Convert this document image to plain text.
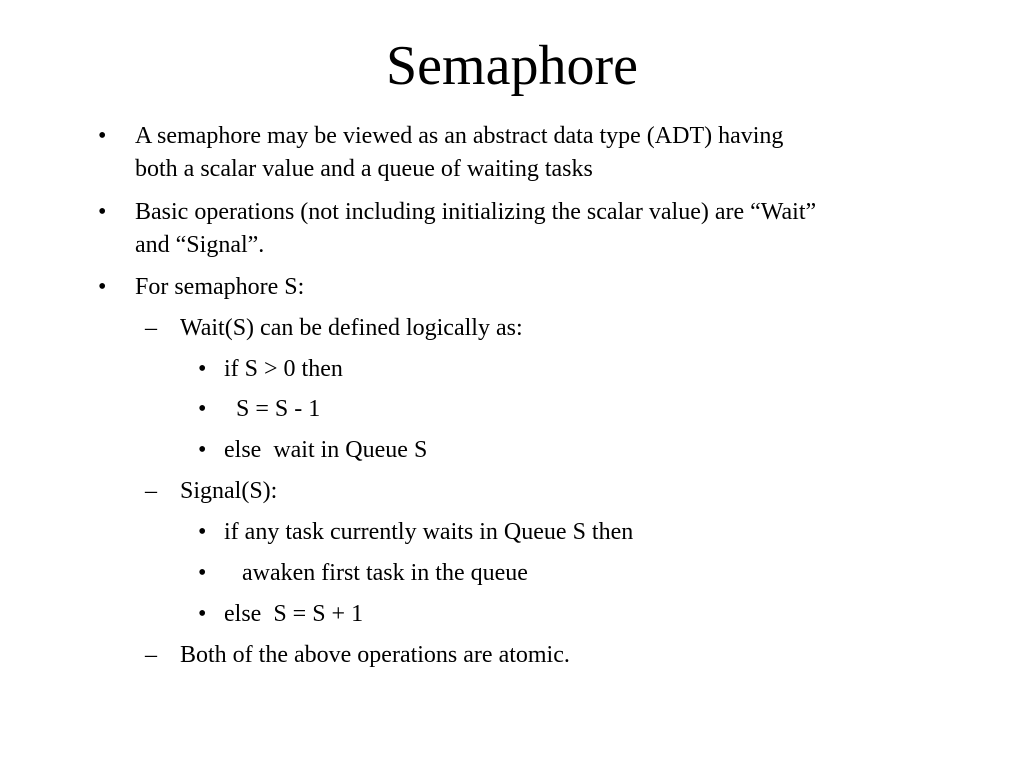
Semaphore
• A semaphore may be viewed as an abstract data type (ADT) having
both a scalar value and a queue of waiting tasks
• Basic operations (not including initializing the scalar value) are “Wait”
and “Signal”.
• For semaphore S:
– Wait(S) can be defined logically as:
• if S > 0 then
• S = S - 1
• else  wait in Queue S
– Signal(S):
• if any task currently waits in Queue S then
• awaken first task in the queue
• else  S = S + 1
– Both of the above operations are atomic.
